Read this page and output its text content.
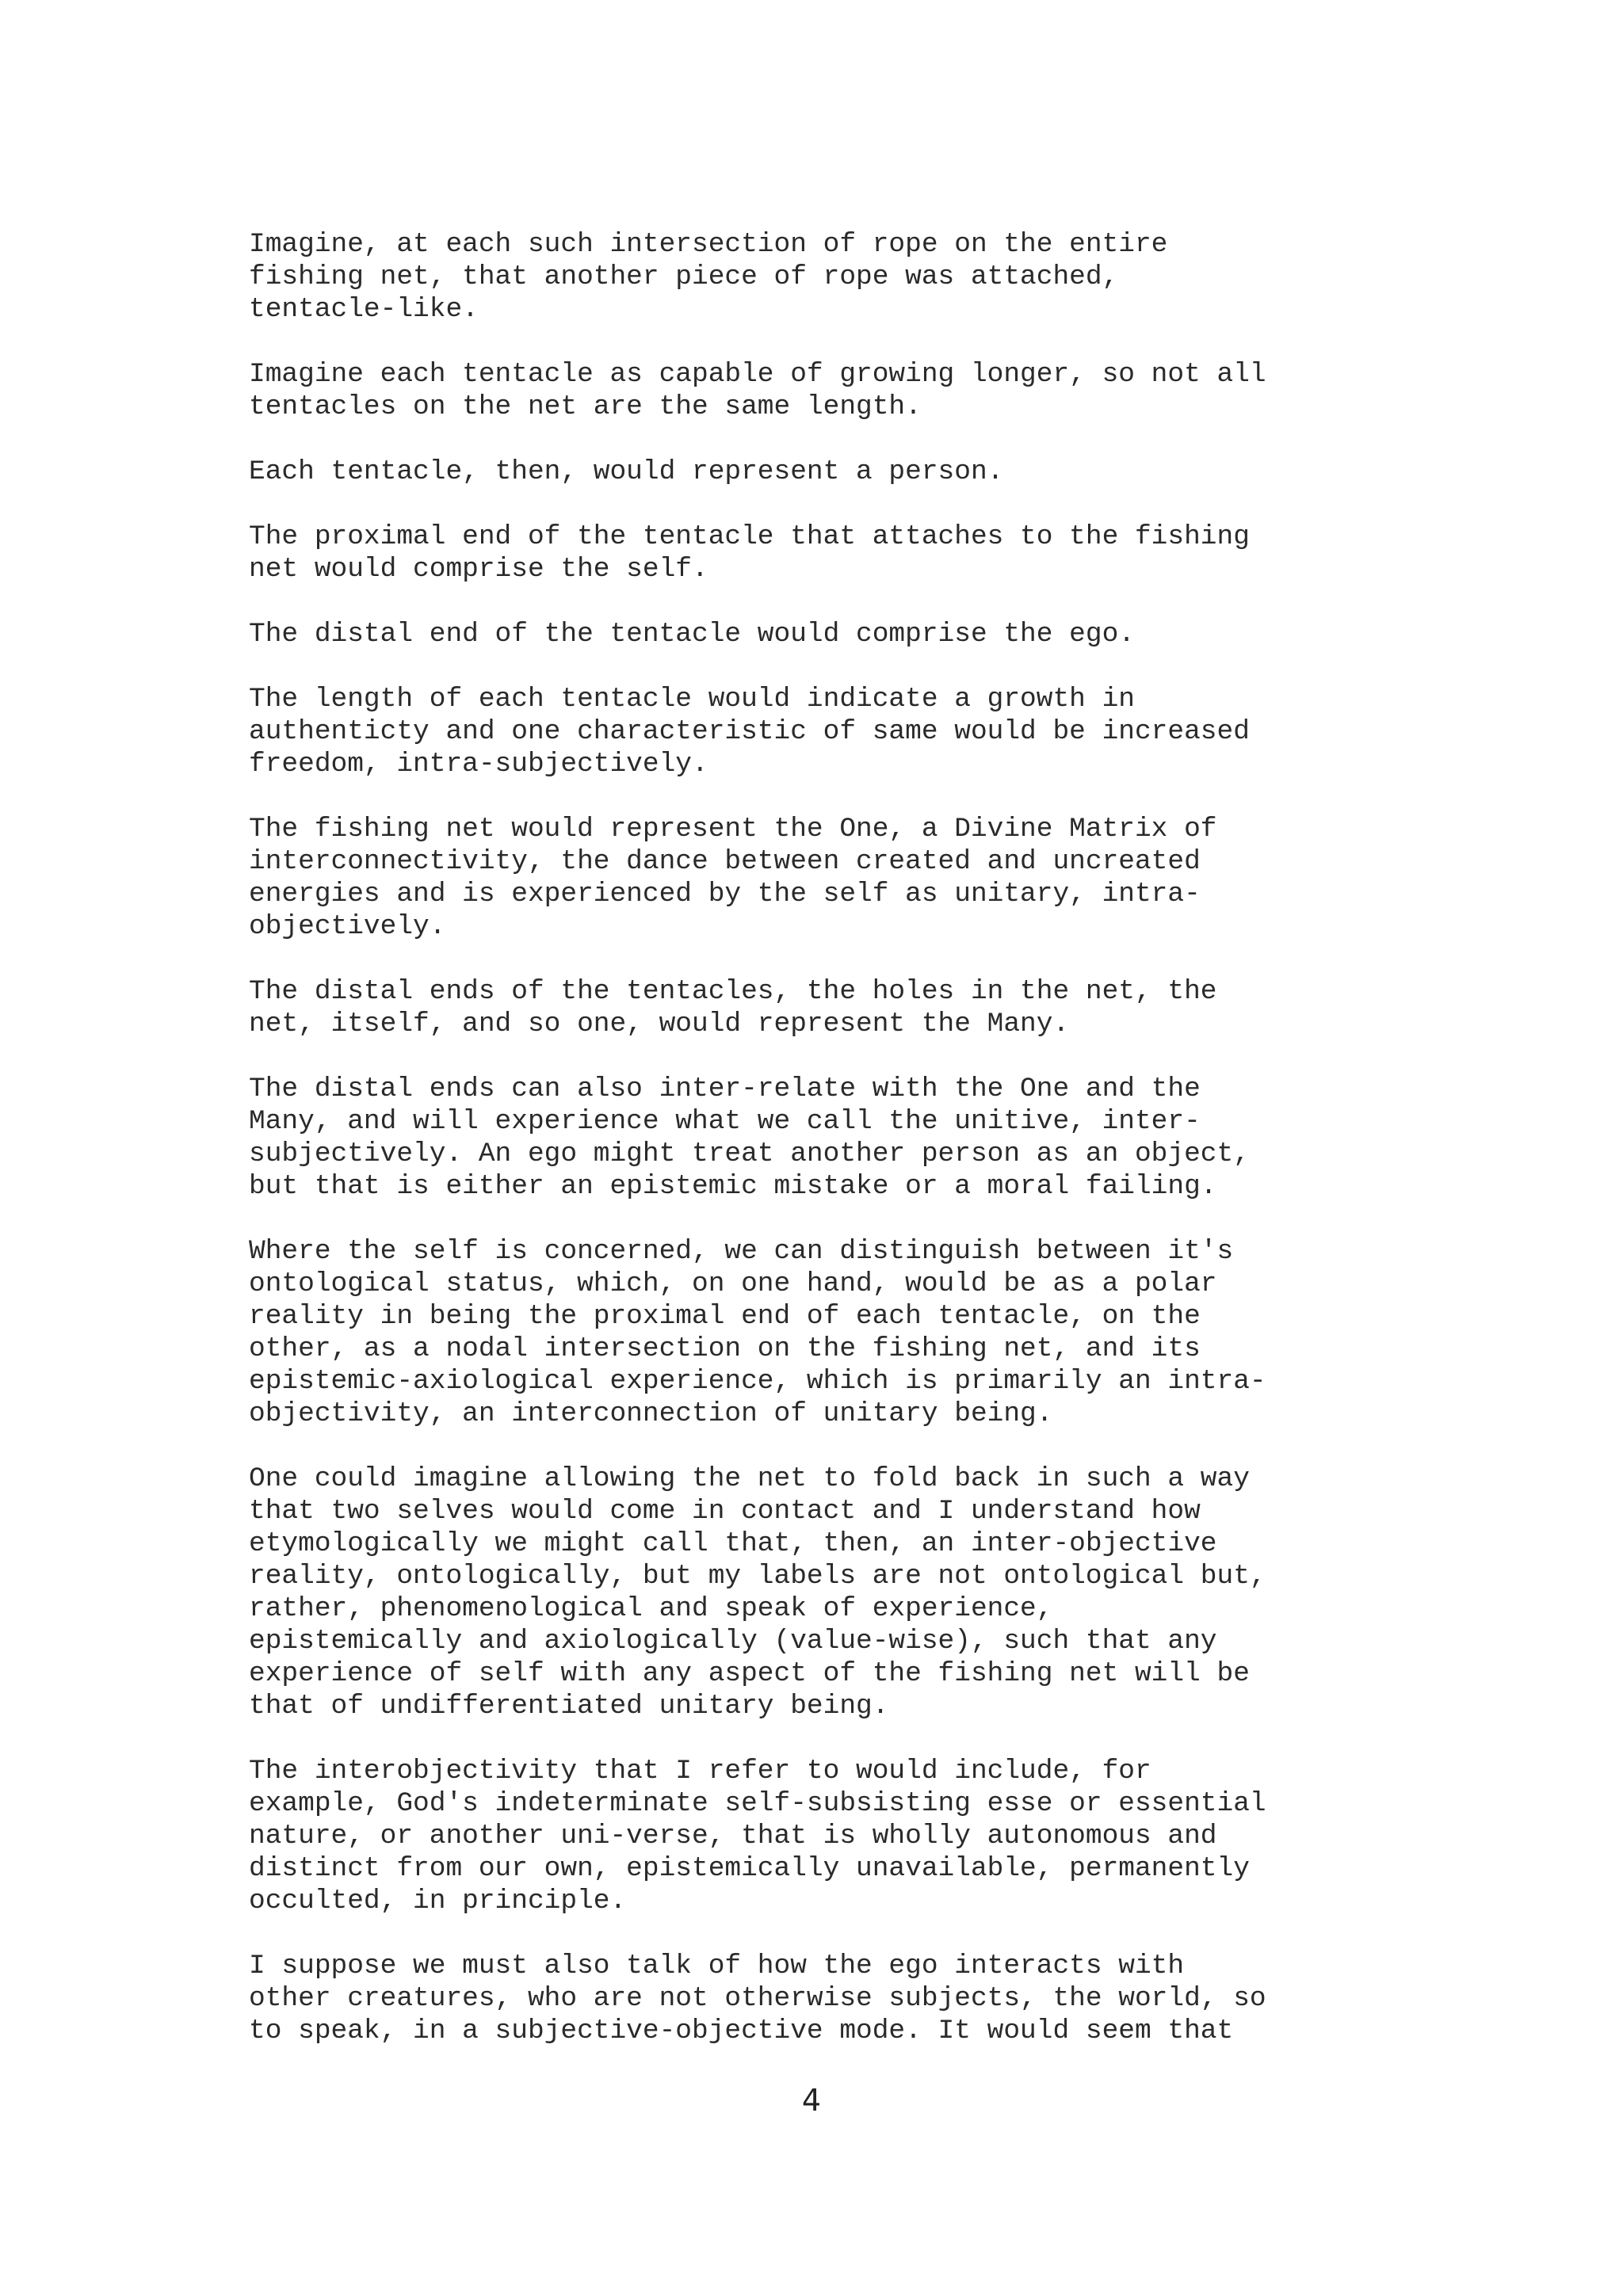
Imagine, at each such intersection of rope on the entire
fishing net, that another piece of rope was attached,
tentacle-like.

Imagine each tentacle as capable of growing longer, so not all
tentacles on the net are the same length.

Each tentacle, then, would represent a person.

The proximal end of the tentacle that attaches to the fishing
net would comprise the self.

The distal end of the tentacle would comprise the ego.

The length of each tentacle would indicate a growth in
authenticty and one characteristic of same would be increased
freedom, intra-subjectively.

The fishing net would represent the One, a Divine Matrix of
interconnectivity, the dance between created and uncreated
energies and is experienced by the self as unitary, intra-
objectively.

The distal ends of the tentacles, the holes in the net, the
net, itself, and so one, would represent the Many.

The distal ends can also inter-relate with the One and the
Many, and will experience what we call the unitive, inter-
subjectively. An ego might treat another person as an object,
but that is either an epistemic mistake or a moral failing.

Where the self is concerned, we can distinguish between it's
ontological status, which, on one hand, would be as a polar
reality in being the proximal end of each tentacle, on the
other, as a nodal intersection on the fishing net, and its
epistemic-axiological experience, which is primarily an intra-
objectivity, an interconnection of unitary being.

One could imagine allowing the net to fold back in such a way
that two selves would come in contact and I understand how
etymologically we might call that, then, an inter-objective
reality, ontologically, but my labels are not ontological but,
rather, phenomenological and speak of experience,
epistemically and axiologically (value-wise), such that any
experience of self with any aspect of the fishing net will be
that of undifferentiated unitary being.

The interobjectivity that I refer to would include, for
example, God's indeterminate self-subsisting esse or essential
nature, or another uni-verse, that is wholly autonomous and
distinct from our own, epistemically unavailable, permanently
occulted, in principle.

I suppose we must also talk of how the ego interacts with
other creatures, who are not otherwise subjects, the world, so
to speak, in a subjective-objective mode. It would seem that

4
